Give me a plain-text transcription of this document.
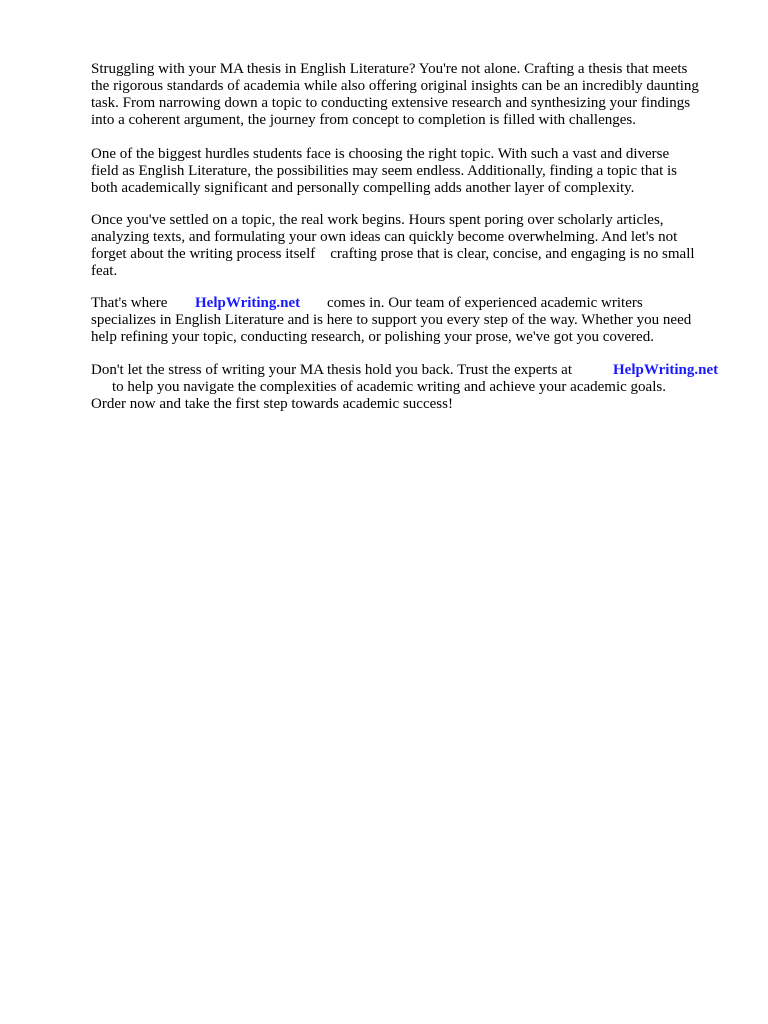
Struggling with your MA thesis in English Literature? You're not alone. Crafting a thesis that meets
the rigorous standards of academia while also offering original insights can be an incredibly daunting
task. From narrowing down a topic to conducting extensive research and synthesizing your findings
into a coherent argument, the journey from concept to completion is filled with challenges.
One of the biggest hurdles students face is choosing the right topic. With such a vast and diverse
field as English Literature, the possibilities may seem endless. Additionally, finding a topic that is
both academically significant and personally compelling adds another layer of complexity.
Once you've settled on a topic, the real work begins. Hours spent poring over scholarly articles,
analyzing texts, and formulating your own ideas can quickly become overwhelming. And let's not
forget about the writing process itself    crafting prose that is clear, concise, and engaging is no small
feat.
That's where HelpWriting.net comes in. Our team of experienced academic writers
specializes in English Literature and is here to support you every step of the way. Whether you need
help refining your topic, conducting research, or polishing your prose, we've got you covered.
Don't let the stress of writing your MA thesis hold you back. Trust the experts at	HelpWriting.net
to help you navigate the complexities of academic writing and achieve your academic goals.
Order now and take the first step towards academic success!
